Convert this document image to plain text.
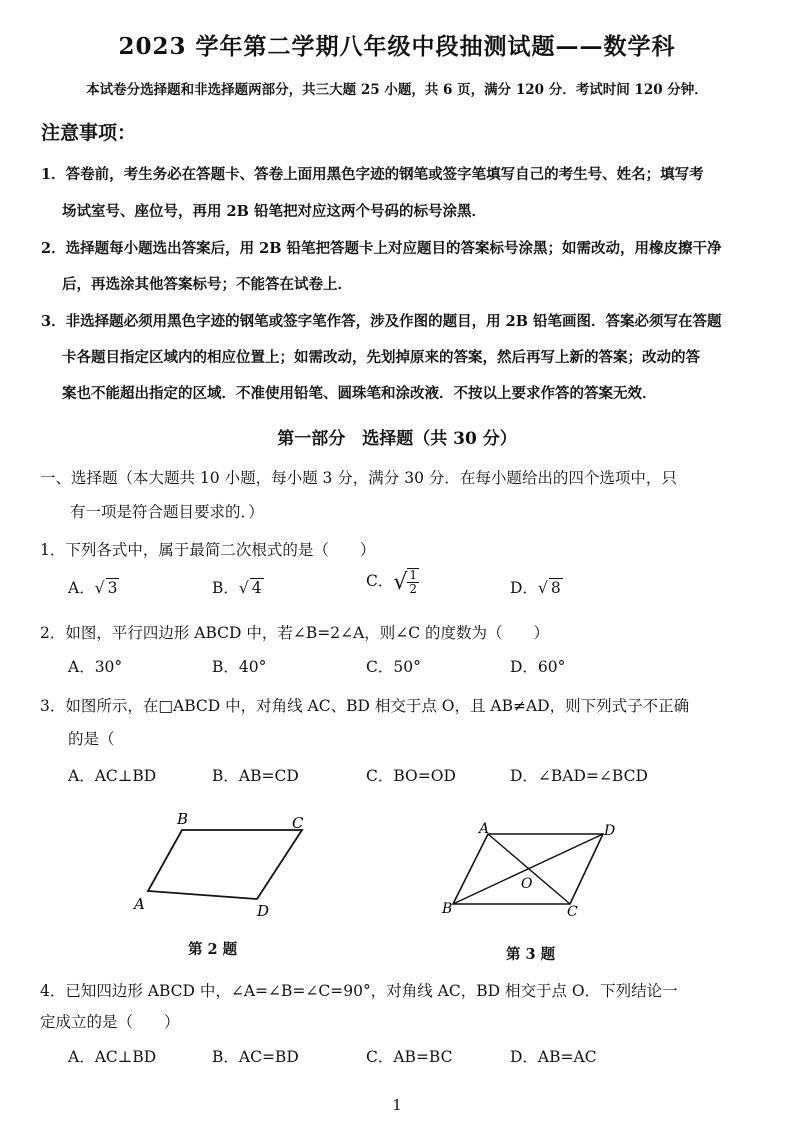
2023 学年第二学期八年级中段抽测试题——数学科
本试卷分选择题和非选择题两部分，共三大题 25 小题，共 6 页，满分 120 分．考试时间 120 分钟．
注意事项：
1．答卷前，考生务必在答题卡、答卷上面用黑色字迹的钢笔或签字笔填写自己的考生号、姓名；填写考
场试室号、座位号，再用 2B 铅笔把对应这两个号码的标号涂黑．
2．选择题每小题选出答案后，用 2B 铅笔把答题卡上对应题目的答案标号涂黑；如需改动，用橡皮擦干净
后，再选涂其他答案标号；不能答在试卷上．
3．非选择题必须用黑色字迹的钢笔或签字笔作答，涉及作图的题目，用 2B 铅笔画图．答案必须写在答题
卡各题目指定区域内的相应位置上；如需改动，先划掉原来的答案，然后再写上新的答案；改动的答
案也不能超出指定的区域．不准使用铅笔、圆珠笔和涂改液．不按以上要求作答的答案无效．
第一部分　选择题（共 30 分）
一、选择题（本大题共 10 小题，每小题 3 分，满分 30 分．在每小题给出的四个选项中，只
有一项是符合题目要求的．）
1．下列各式中，属于最简二次根式的是（　　）
A．√ 3	B．√ 4	C．√ $\frac{1}{2}$	D．√ 8
2．如图，平行四边形 ABCD 中，若∠B=2∠A，则∠C 的度数为（　　）
A．30°	B．40°	C．50°	D．60°
3．如图所示，在□ABCD 中，对角线 AC、BD 相交于点 O，且 AB≠AD，则下列式子不正确
的是（
A．AC⊥BD	B．AB=CD	C．BO=OD	D．∠BAD=∠BCD
A
B	C
D
第 2 题
A
B	C
D
O
第 3 题
4．已知四边形 ABCD 中，∠A=∠B=∠C=90°，对角线 AC，BD 相交于点 O．下列结论一
定成立的是（　　）
A．AC⊥BD	B．AC=BD	C．AB=BC	D．AB=AC
1
